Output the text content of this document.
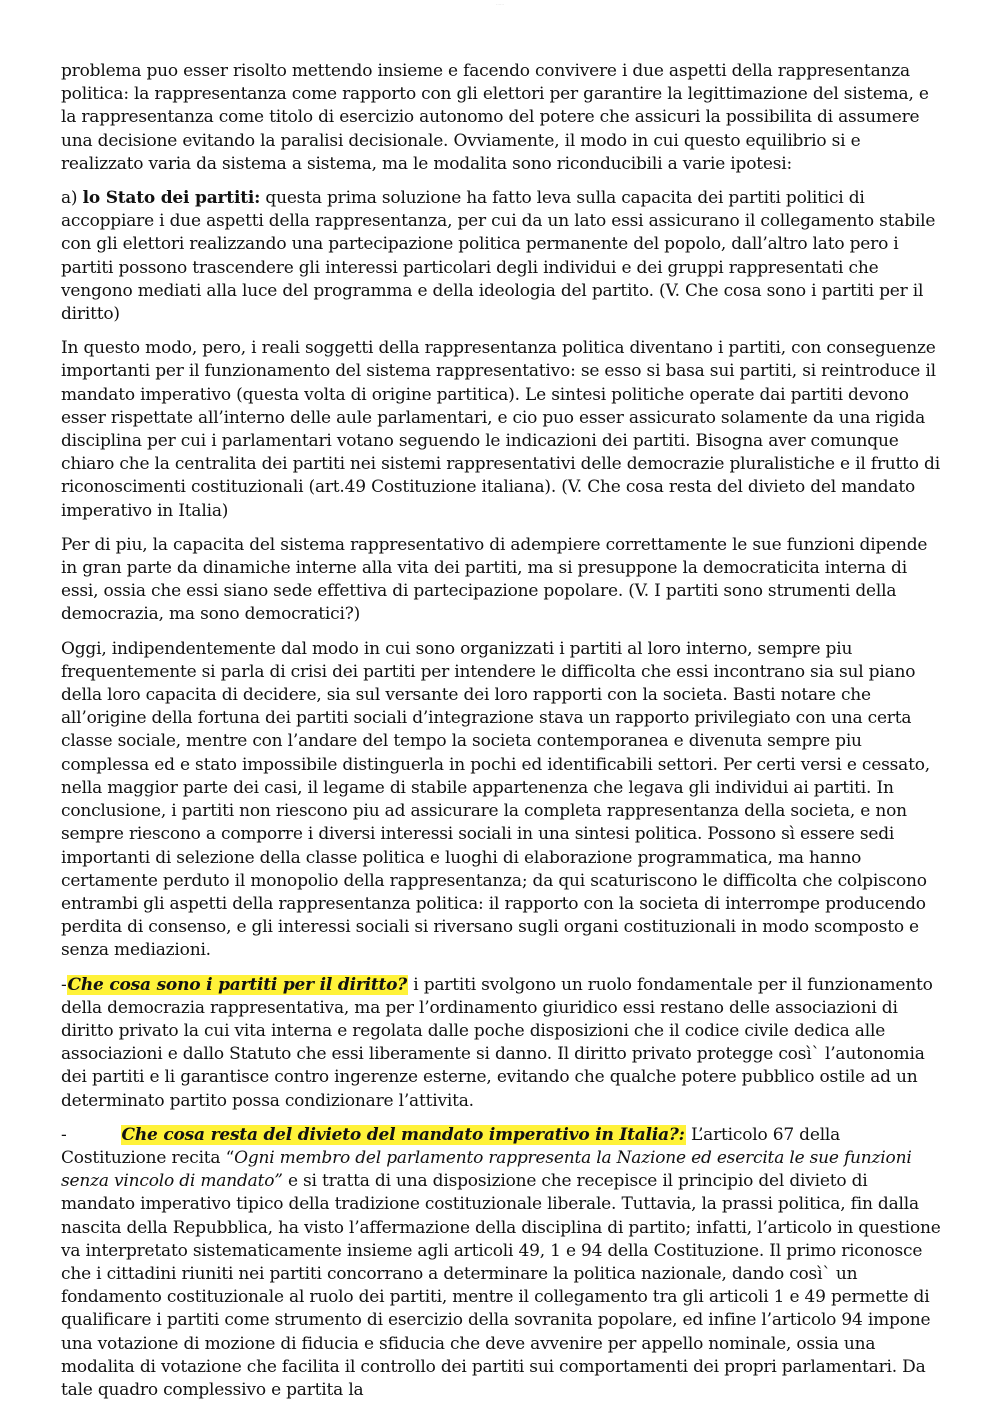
······

problema puo esser risolto mettendo insieme e facendo convivere i due aspetti della rappresentanza politica: la rappresentanza come rapporto con gli elettori per garantire la legittimazione del sistema, e la rappresentanza come titolo di esercizio autonomo del potere che assicuri la possibilita di assumere una decisione evitando la paralisi decisionale. Ovviamente, il modo in cui questo equilibrio si e realizzato varia da sistema a sistema, ma le modalita sono riconducibili a varie ipotesi:

a) lo Stato dei partiti: questa prima soluzione ha fatto leva sulla capacita dei partiti politici di accoppiare i due aspetti della rappresentanza, per cui da un lato essi assicurano il collegamento stabile con gli elettori realizzando una partecipazione politica permanente del popolo, dall’altro lato pero i partiti possono trascendere gli interessi particolari degli individui e dei gruppi rappresentati che vengono mediati alla luce del programma e della ideologia del partito. (V. Che cosa sono i partiti per il diritto)

In questo modo, pero, i reali soggetti della rappresentanza politica diventano i partiti, con conseguenze importanti per il funzionamento del sistema rappresentativo: se esso si basa sui partiti, si reintroduce il mandato imperativo (questa volta di origine partitica). Le sintesi politiche operate dai partiti devono esser rispettate all’interno delle aule parlamentari, e cio puo esser assicurato solamente da una rigida disciplina per cui i parlamentari votano seguendo le indicazioni dei partiti. Bisogna aver comunque chiaro che la centralita dei partiti nei sistemi rappresentativi delle democrazie pluralistiche e il frutto di riconoscimenti costituzionali (art.49 Costituzione italiana). (V. Che cosa resta del divieto del mandato imperativo in Italia)

Per di piu, la capacita del sistema rappresentativo di adempiere correttamente le sue funzioni dipende in gran parte da dinamiche interne alla vita dei partiti, ma si presuppone la democraticita interna di essi, ossia che essi siano sede effettiva di partecipazione popolare. (V. I partiti sono strumenti della democrazia, ma sono democratici?)

Oggi, indipendentemente dal modo in cui sono organizzati i partiti al loro interno, sempre piu frequentemente si parla di crisi dei partiti per intendere le difficolta che essi incontrano sia sul piano della loro capacita di decidere, sia sul versante dei loro rapporti con la societa. Basti notare che all’origine della fortuna dei partiti sociali d’integrazione stava un rapporto privilegiato con una certa classe sociale, mentre con l’andare del tempo la societa contemporanea e divenuta sempre piu complessa ed e stato impossibile distinguerla in pochi ed identificabili settori. Per certi versi e cessato, nella maggior parte dei casi, il legame di stabile appartenenza che legava gli individui ai partiti. In conclusione, i partiti non riescono piu ad assicurare la completa rappresentanza della societa, e non sempre riescono a comporre i diversi interessi sociali in una sintesi politica. Possono sì essere sedi importanti di selezione della classe politica e luoghi di elaborazione programmatica, ma hanno certamente perduto il monopolio della rappresentanza; da qui scaturiscono le difficolta che colpiscono entrambi gli aspetti della rappresentanza politica: il rapporto con la societa di interrompe producendo perdita di consenso, e gli interessi sociali si riversano sugli organi costituzionali in modo scomposto e senza mediazioni.

-Che cosa sono i partiti per il diritto? i partiti svolgono un ruolo fondamentale per il funzionamento della democrazia rappresentativa, ma per l’ordinamento giuridico essi restano delle associazioni di diritto privato la cui vita interna e regolata dalle poche disposizioni che il codice civile dedica alle associazioni e dallo Statuto che essi liberamente si danno. Il diritto privato protegge così` l’autonomia dei partiti e li garantisce contro ingerenze esterne, evitando che qualche potere pubblico ostile ad un determinato partito possa condizionare l’attivita.

-	Che cosa resta del divieto del mandato imperativo in Italia?: L’articolo 67 della Costituzione recita “Ogni membro del parlamento rappresenta la Nazione ed esercita le sue funzioni senza vincolo di mandato” e si tratta di una disposizione che recepisce il principio del divieto di mandato imperativo tipico della tradizione costituzionale liberale. Tuttavia, la prassi politica, fin dalla nascita della Repubblica, ha visto l’affermazione della disciplina di partito; infatti, l’articolo in questione va interpretato sistematicamente insieme agli articoli 49, 1 e 94 della Costituzione. Il primo riconosce che i cittadini riuniti nei partiti concorrano a determinare la politica nazionale, dando così` un fondamento costituzionale al ruolo dei partiti, mentre il collegamento tra gli articoli 1 e 49 permette di qualificare i partiti come strumento di esercizio della sovranita popolare, ed infine l’articolo 94 impone una votazione di mozione di fiducia e sfiducia che deve avvenire per appello nominale, ossia una modalita di votazione che facilita il controllo dei partiti sui comportamenti dei propri parlamentari. Da tale quadro complessivo e partita la
